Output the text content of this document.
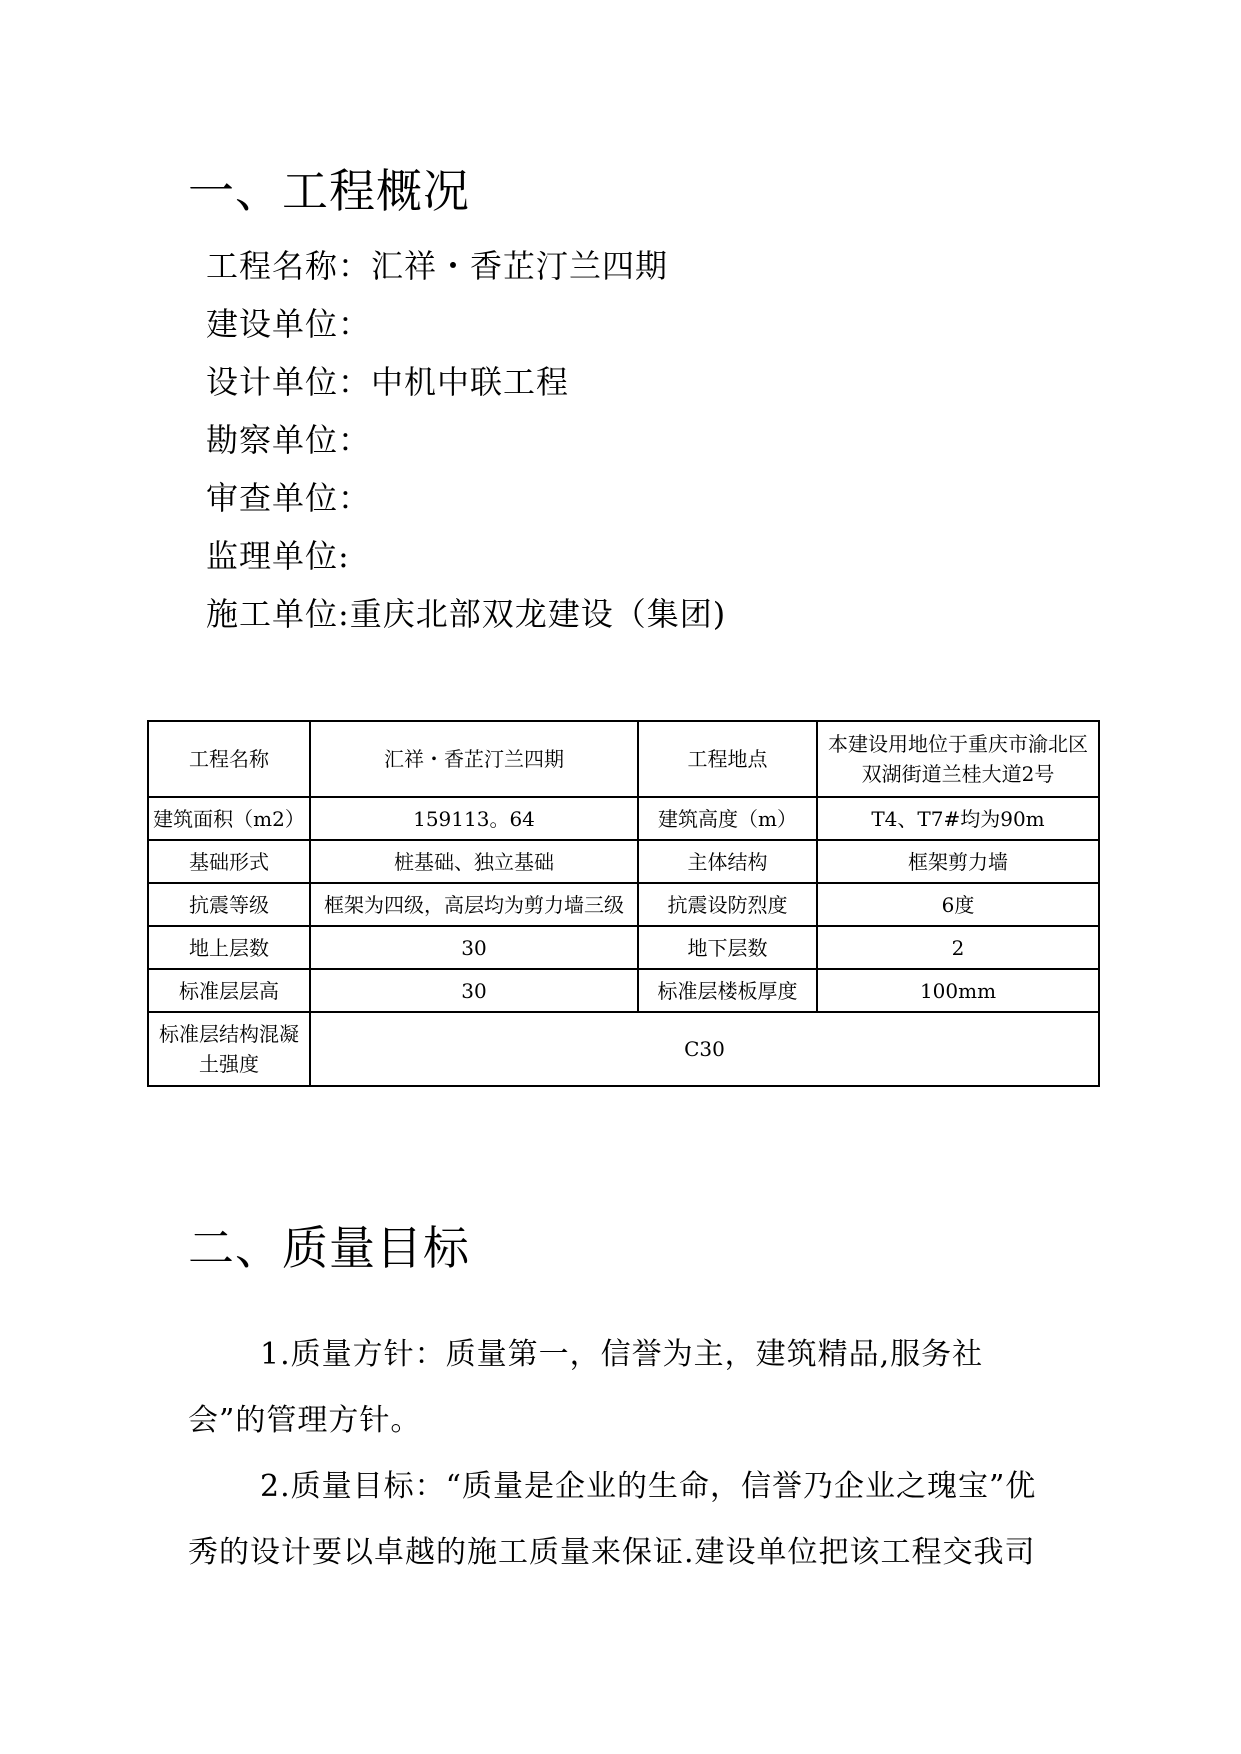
一、工程概况
工程名称：汇祥・香芷汀兰四期
建设单位：
设计单位：中机中联工程
勘察单位：
审查单位：
监理单位:
施工单位:重庆北部双龙建设（集团)
工程名称	汇祥・香芷汀兰四期	工程地点	本建设用地位于重庆市渝北区双湖街道兰桂大道2号
建筑面积（m2）	159113。64	建筑高度（m）	T4、T7#均为90m
基础形式	桩基础、独立基础	主体结构	框架剪力墙
抗震等级	框架为四级，高层均为剪力墙三级	抗震设防烈度	6度
地上层数	30	地下层数	2
标准层层高	30	标准层楼板厚度	100mm
标准层结构混凝土强度	C30		
二、质量目标

1.质量方针：质量第一，信誉为主，建筑精品,服务社会”的管理方针。

2.质量目标：“质量是企业的生命，信誉乃企业之瑰宝”优秀的设计要以卓越的施工质量来保证.建设单位把该工程交我司
